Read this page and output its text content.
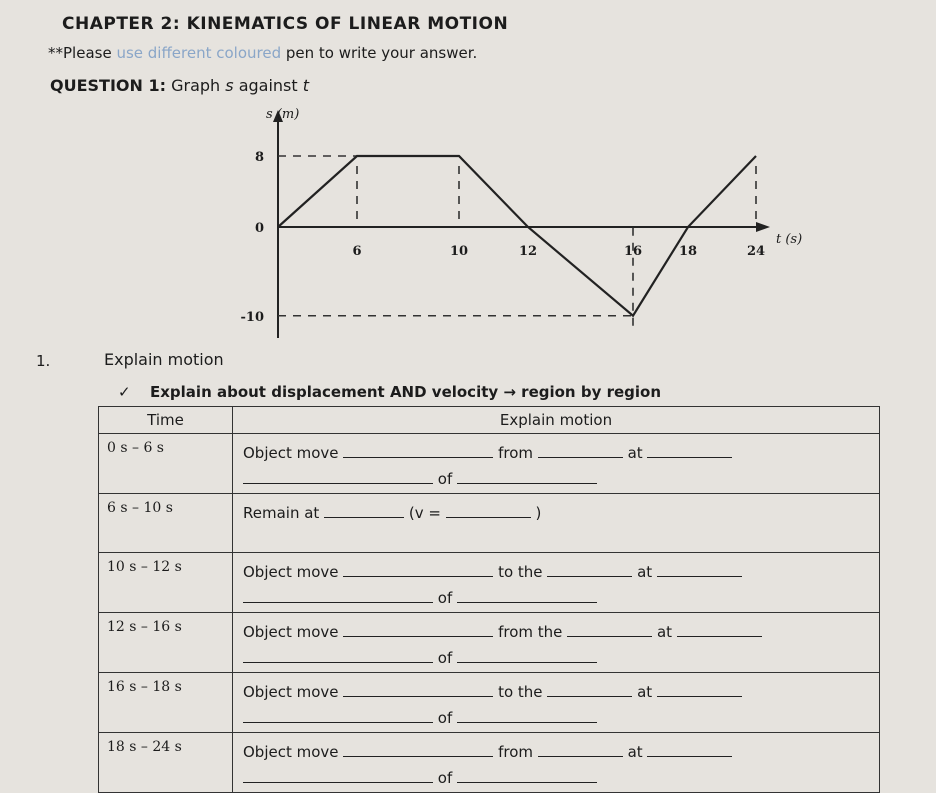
CHAPTER 2: KINEMATICS OF LINEAR MOTION
**Please use different coloured pen to write your answer.
QUESTION 1: Graph s against t
s (m)
t (s)
8
0
-10
6	10	12	16	18	24
1.	Explain motion
✓ Explain about displacement AND velocity → region by region
Time	Explain motion
0 s – 6 s	Object move from at
of

6 s – 10 s	Remain at (v = )

10 s – 12 s	Object move to the at
of

12 s – 16 s	Object move from the at
of

16 s – 18 s	Object move to the at
of

18 s – 24 s	Object move from at
of
